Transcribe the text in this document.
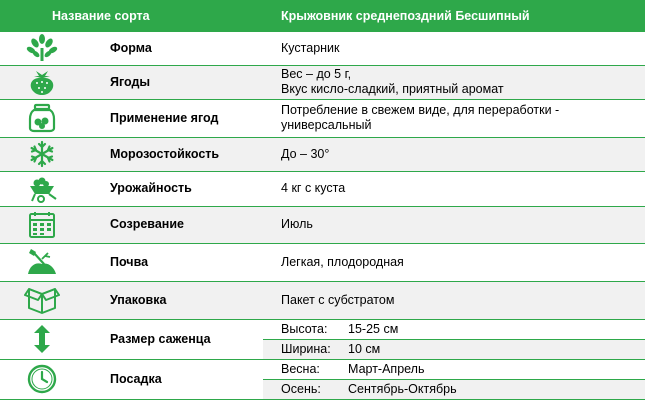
Название сорта		Крыжовник среднепоздний Бесшипный	

	Форма	Кустарник	

	Ягоды	Вес – до 5 г,
Вкус кисло-сладкий, приятный аромат	

	Применение ягод	Потребление в свежем виде, для переработки -
универсальный	

	Морозостойкость	До – 30°	

	Урожайность	4 кг с куста	

	Созревание	Июль	

	Почва	Легкая, плодородная	

	Упаковка	Пакет с субстратом	

	Размер саженца	Высота:	15-25 см
		Ширина:	10 см

	Посадка	Весна:	Март-Апрель
		Осень:	Сентябрь-Октябрь
